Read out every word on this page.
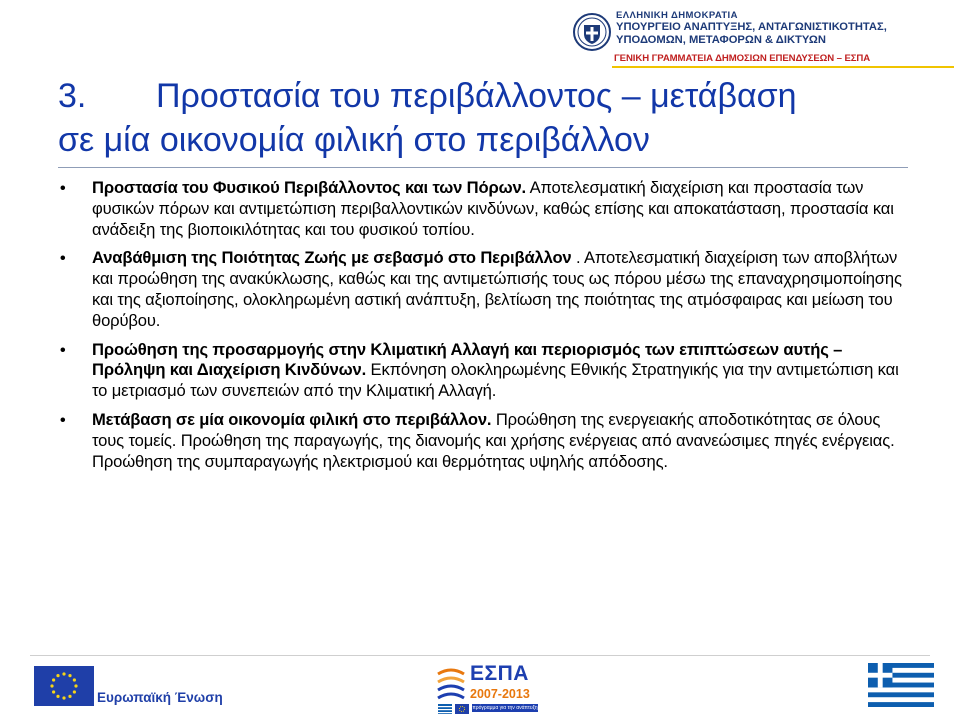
ΕΛΛΗΝΙΚΗ ΔΗΜΟΚΡΑΤΙΑ
ΥΠΟΥΡΓΕΙΟ ΑΝΑΠΤΥΞΗΣ, ΑΝΤΑΓΩΝΙΣΤΙΚΟΤΗΤΑΣ,
ΥΠΟΔΟΜΩΝ, ΜΕΤΑΦΟΡΩΝ & ΔΙΚΤΥΩΝ
ΓΕΝΙΚΗ ΓΡΑΜΜΑΤΕΙΑ ΔΗΜΟΣΙΩΝ ΕΠΕΝΔΥΣΕΩΝ – ΕΣΠΑ
3. Προστασία του περιβάλλοντος – μετάβαση
σε μία οικονομία φιλική στο περιβάλλον
• Προστασία του Φυσικού Περιβάλλοντος και των Πόρων. Αποτελεσματική διαχείριση και προστασία των φυσικών πόρων και αντιμετώπιση περιβαλλοντικών κινδύνων, καθώς επίσης και αποκατάσταση, προστασία και ανάδειξη της βιοποικιλότητας και του φυσικού τοπίου.
• Αναβάθμιση της Ποιότητας Ζωής με σεβασμό στο Περιβάλλον . Αποτελεσματική διαχείριση των αποβλήτων και προώθηση της ανακύκλωσης, καθώς και της αντιμετώπισής τους ως πόρου μέσω της επαναχρησιμοποίησης και της αξιοποίησης, ολοκληρωμένη αστική ανάπτυξη, βελτίωση της ποιότητας της ατμόσφαιρας και μείωση του θορύβου.
• Προώθηση της προσαρμογής στην Κλιματική Αλλαγή και περιορισμός των επιπτώσεων αυτής – Πρόληψη και Διαχείριση Κινδύνων. Εκπόνηση ολοκληρωμένης Εθνικής Στρατηγικής για την αντιμετώπιση και το μετριασμό των συνεπειών από την Κλιματική Αλλαγή.
• Μετάβαση σε μία οικονομία φιλική στο περιβάλλον. Προώθηση της ενεργειακής αποδοτικότητας σε όλους τους τομείς. Προώθηση της παραγωγής, της διανομής και χρήσης ενέργειας από ανανεώσιμες πηγές ενέργειας. Προώθηση της συμπαραγωγής ηλεκτρισμού και θερμότητας υψηλής απόδοσης.
Ευρωπαϊκή Ένωση
ΕΣΠΑ
2007-2013
πρόγραμμα για την ανάπτυξη
